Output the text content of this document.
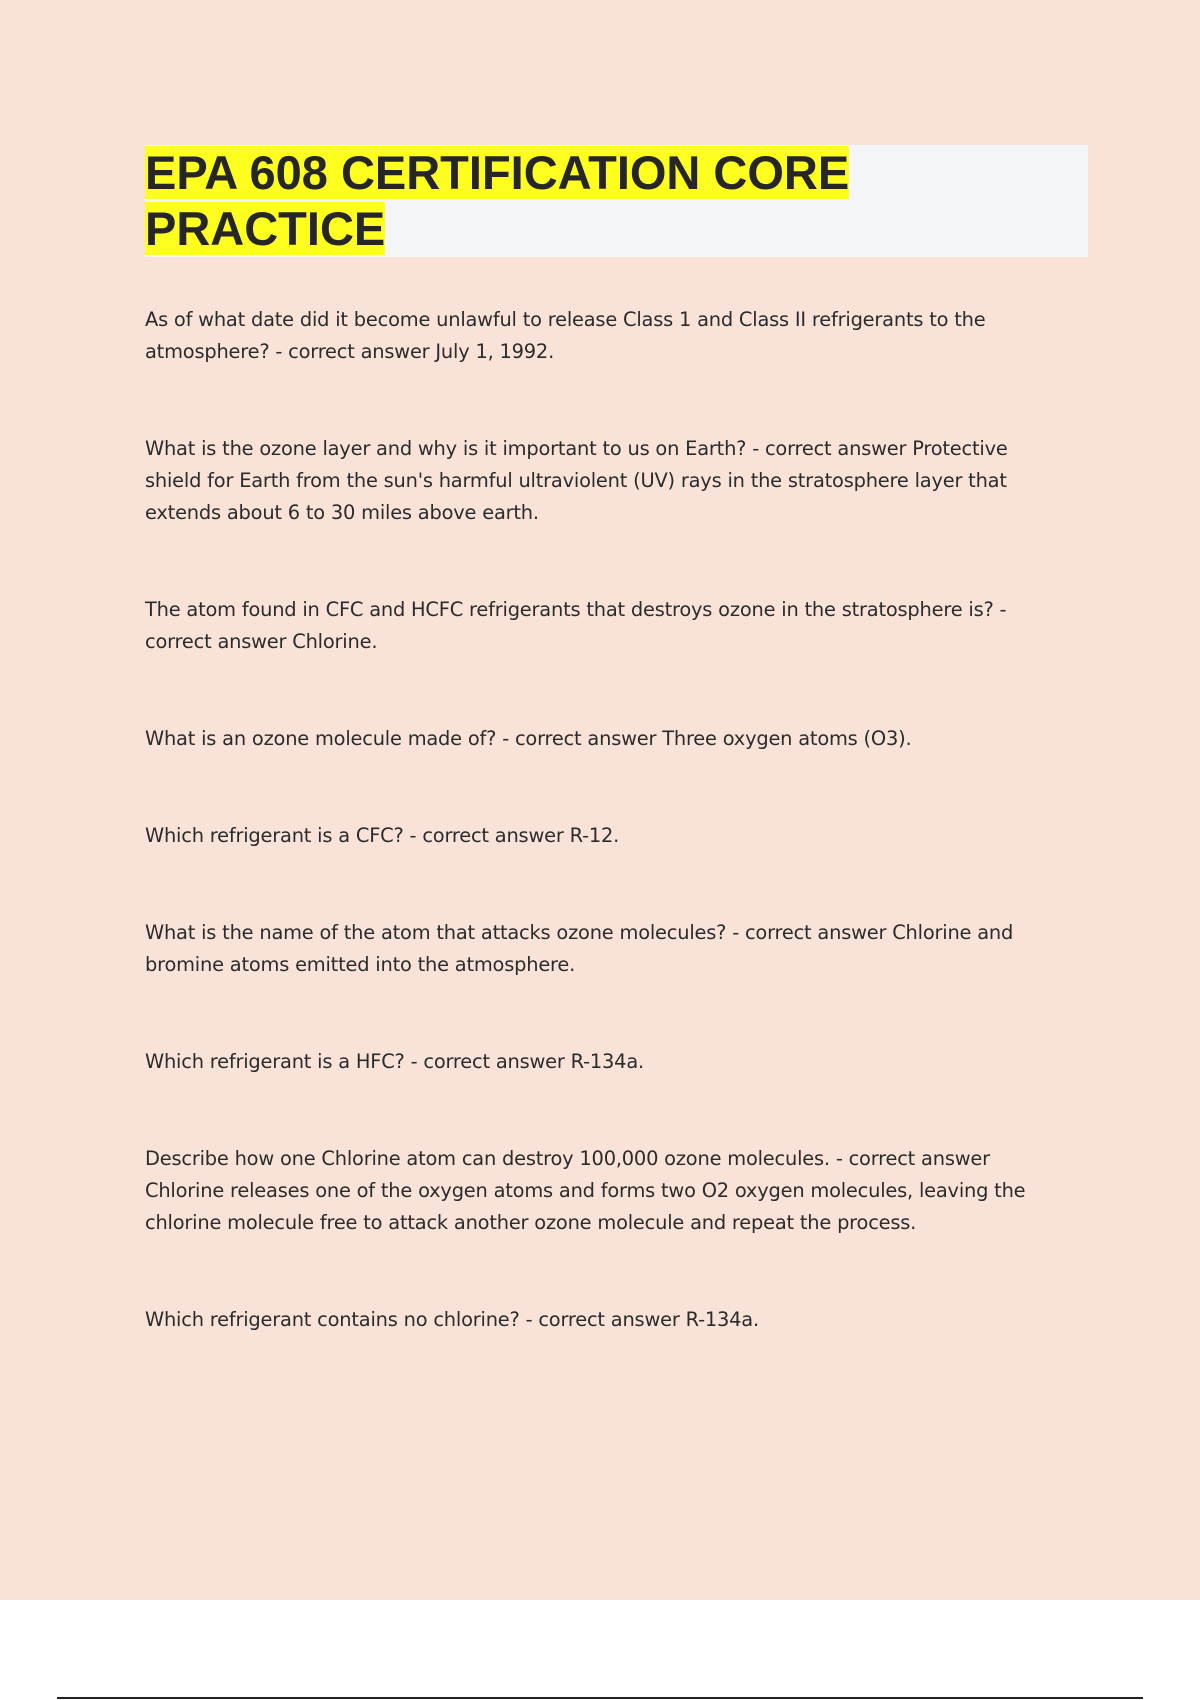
EPA 608 CERTIFICATION CORE PRACTICE
As of what date did it become unlawful to release Class 1 and Class II refrigerants to the atmosphere? - correct answer July 1, 1992.
What is the ozone layer and why is it important to us on Earth? - correct answer Protective shield for Earth from the sun's harmful ultraviolent (UV) rays in the stratosphere layer that extends about 6 to 30 miles above earth.
The atom found in CFC and HCFC refrigerants that destroys ozone in the stratosphere is? - correct answer Chlorine.
What is an ozone molecule made of? - correct answer Three oxygen atoms (O3).
Which refrigerant is a CFC? - correct answer R-12.
What is the name of the atom that attacks ozone molecules? - correct answer Chlorine and bromine atoms emitted into the atmosphere.
Which refrigerant is a HFC? - correct answer R-134a.
Describe how one Chlorine atom can destroy 100,000 ozone molecules. - correct answer Chlorine releases one of the oxygen atoms and forms two O2 oxygen molecules, leaving the chlorine molecule free to attack another ozone molecule and repeat the process.
Which refrigerant contains no chlorine? - correct answer R-134a.
